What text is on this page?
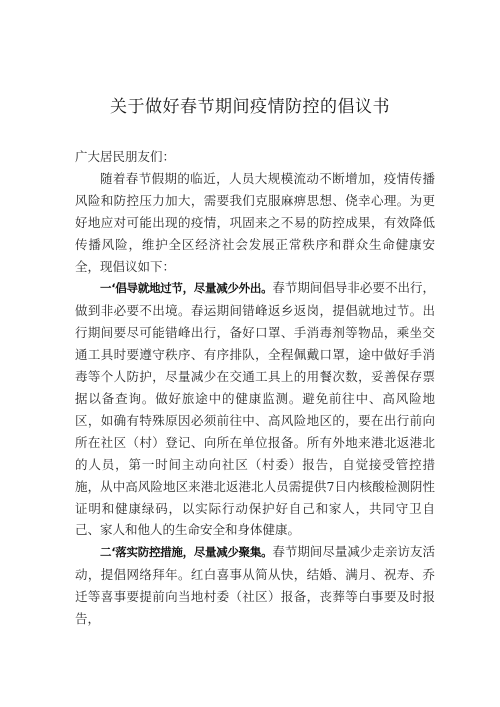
关于做好春节期间疫情防控的倡议书

广大居民朋友们：

随着春节假期的临近，人员大规模流动不断增加，疫情传播风险和防控压力加大，需要我们克服麻痹思想、侥幸心理。为更好地应对可能出现的疫情，巩固来之不易的防控成果，有效降低传播风险，维护全区经济社会发展正常秩序和群众生命健康安全，现倡议如下：

一‘倡导就地过节，尽量减少外出。春节期间倡导非必要不出行，做到非必要不出境。春运期间错峰返乡返岗，提倡就地过节。出行期间要尽可能错峰出行，备好口罩、手消毒剂等物品，乘坐交通工具时要遵守秩序、有序排队，全程佩戴口罩，途中做好手消毒等个人防护，尽量减少在交通工具上的用餐次数，妥善保存票据以备查询。做好旅途中的健康监测。避免前往中、高风险地区，如确有特殊原因必须前往中、高风险地区的，要在出行前向所在社区（村）登记、向所在单位报备。所有外地来港北返港北的人员，第一时间主动向社区（村委）报告，自觉接受管控措施，从中高风险地区来港北返港北人员需提供7日内核酸检测阴性证明和健康绿码，以实际行动保护好自己和家人，共同守卫自己、家人和他人的生命安全和身体健康。

二‘落实防控措施，尽量减少聚集。春节期间尽量减少走亲访友活动，提倡网络拜年。红白喜事从简从快，结婚、满月、祝寿、乔迁等喜事要提前向当地村委（社区）报备，丧葬等白事要及时报告，
